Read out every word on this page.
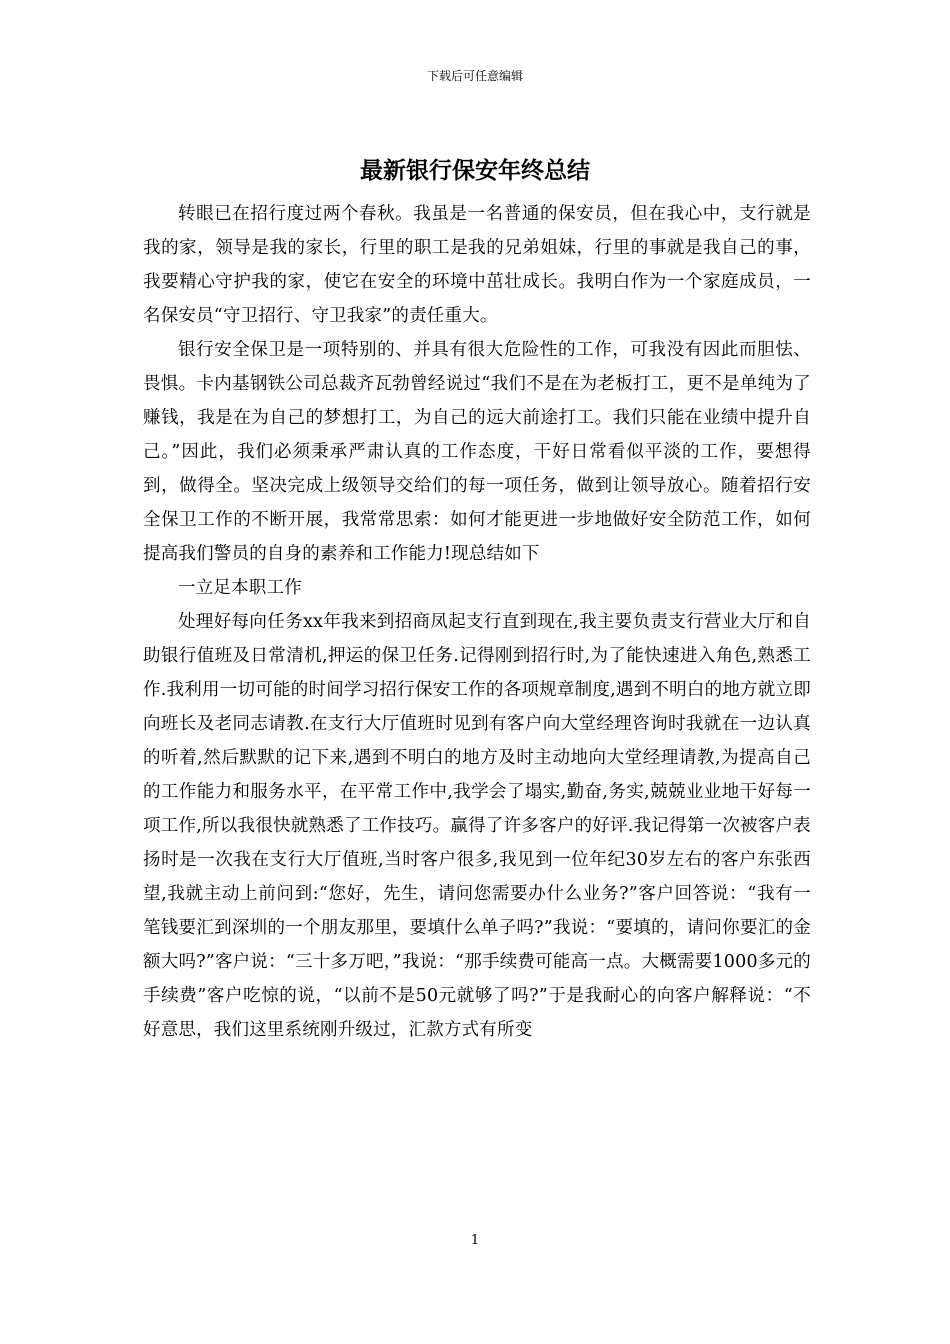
下载后可任意编辑
最新银行保安年终总结

转眼已在招行度过两个春秋。我虽是一名普通的保安员，但在我心中，支行就是我的家，领导是我的家长，行里的职工是我的兄弟姐妹，行里的事就是我自己的事，我要精心守护我的家，使它在安全的环境中茁壮成长。我明白作为一个家庭成员，一名保安员“守卫招行、守卫我家”的责任重大。

银行安全保卫是一项特别的、并具有很大危险性的工作，可我没有因此而胆怯、畏惧。卡内基钢铁公司总裁齐瓦勃曾经说过“我们不是在为老板打工，更不是单纯为了赚钱，我是在为自己的梦想打工，为自己的远大前途打工。我们只能在业绩中提升自己。”因此，我们必须秉承严肃认真的工作态度，干好日常看似平淡的工作，要想得到，做得全。坚决完成上级领导交给们的每一项任务，做到让领导放心。随着招行安全保卫工作的不断开展，我常常思索：如何才能更进一步地做好安全防范工作，如何提高我们警员的自身的素养和工作能力!现总结如下

一立足本职工作

处理好每向任务xx年我来到招商凤起支行直到现在,我主要负责支行营业大厅和自助银行值班及日常清机,押运的保卫任务.记得刚到招行时,为了能快速进入角色,熟悉工作.我利用一切可能的时间学习招行保安工作的各项规章制度,遇到不明白的地方就立即向班长及老同志请教.在支行大厅值班时见到有客户向大堂经理咨询时我就在一边认真的听着,然后默默的记下来,遇到不明白的地方及时主动地向大堂经理请教,为提高自己的工作能力和服务水平，在平常工作中,我学会了塌实,勤奋,务实,兢兢业业地干好每一项工作,所以我很快就熟悉了工作技巧。赢得了许多客户的好评.我记得第一次被客户表扬时是一次我在支行大厅值班,当时客户很多,我见到一位年纪30岁左右的客户东张西望,我就主动上前问到:“您好，先生，请问您需要办什么业务?”客户回答说：“我有一笔钱要汇到深圳的一个朋友那里，要填什么单子吗?”我说：“要填的，请问你要汇的金额大吗?”客户说：“三十多万吧，”我说：“那手续费可能高一点。大概需要1000多元的手续费”客户吃惊的说，“以前不是50元就够了吗?”于是我耐心的向客户解释说：“不好意思，我们这里系统刚升级过，汇款方式有所变

1
